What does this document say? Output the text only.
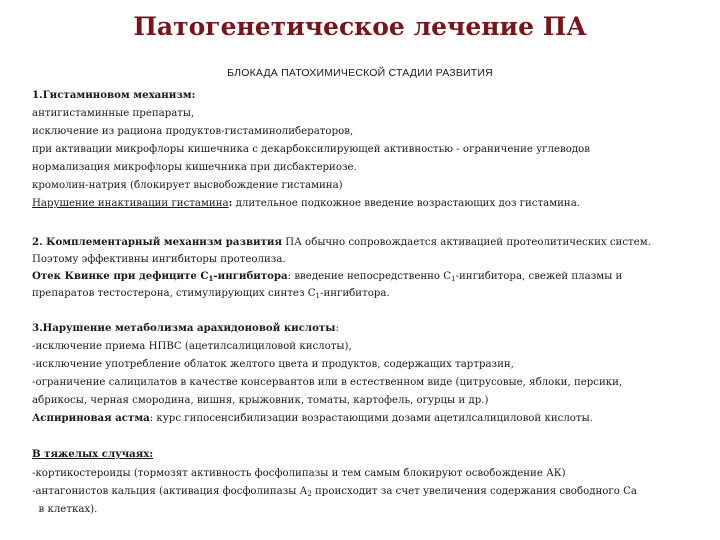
Патогенетическое лечение ПА
БЛОКАДА ПАТОХИМИЧЕСКОЙ СТАДИИ РАЗВИТИЯ
1.Гистаминовом механизм:
антигистаминные препараты,
исключение из рациона продуктов-гистаминолибераторов,
при активации микрофлоры кишечника с декарбоксилирующей активностью - ограничение углеводов
нормализация микрофлоры кишечника при дисбактериозе.
кромолин-натрия (блокирует высвобождение гистамина)
Нарушение инактивации гистамина: длительное подкожное введение возрастающих доз гистамина.
2. Комплементарный механизм развития ПА обычно сопровождается активацией протеолитических систем.
Поэтому эффективны ингибиторы протеолиза.
Отек Квинке при дефиците $С_1$-ингибитора: введение непосредственно $С_1$-ингибитора, свежей плазмы и
препаратов тестостерона, стимулирующих синтез $С_1$-ингибитора.
3.Нарушение метаболизма арахидоновой кислоты:
-исключение приема НПВС (ацетилсалициловой кислоты),
-исключение употребление облаток желтого цвета и продуктов, содержащих тартразин,
-ограничение салицилатов в качестве консервантов или в естественном виде (цитрусовые, яблоки, персики,
абрикосы, черная смородина, вишня, крыжовник, томаты, картофель, огурцы и др.)
Аспириновая астма: курс гипосенсибилизации возрастающими дозами ацетилсалициловой кислоты.
В тяжелых случаях:
-кортикостероиды (тормозят активность фосфолипазы и тем самым блокируют освобождение АК)
-антагонистов кальция (активация фосфолипазы $А_2$ происходит за счет увеличения содержания свободного Са
в клетках).
